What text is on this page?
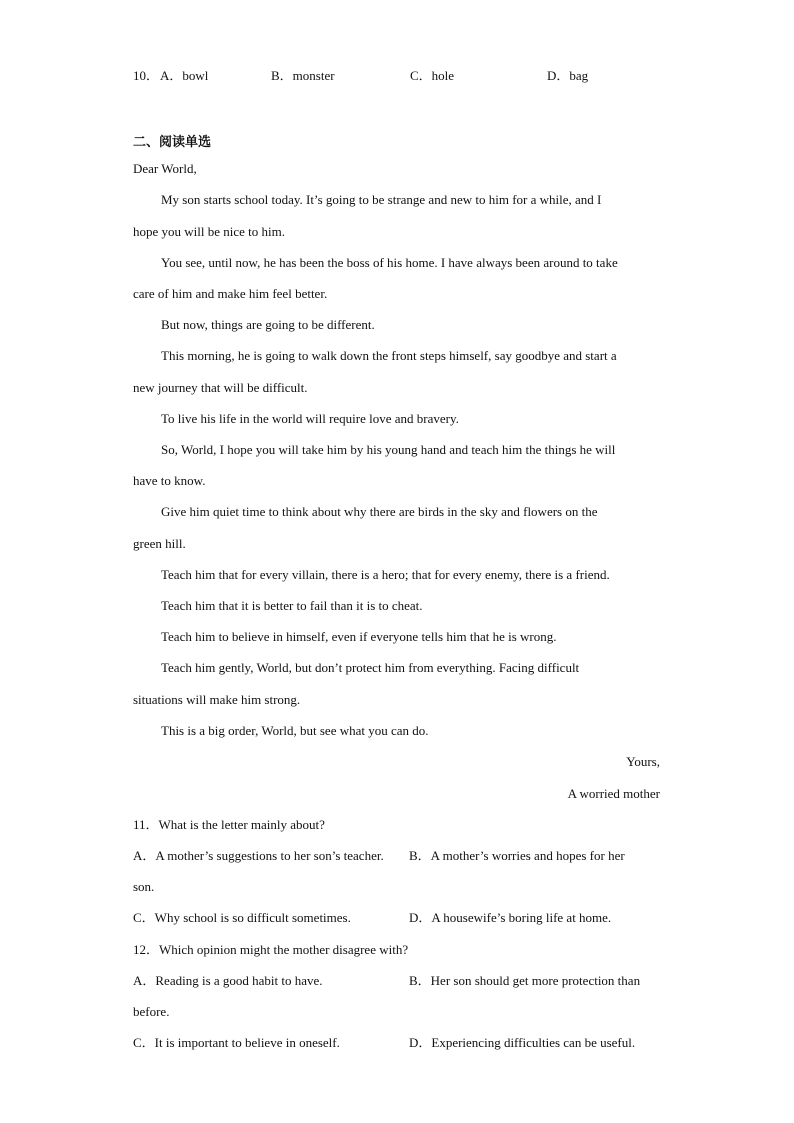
10． A．bowl	B．monster	C．hole	D．bag
二、阅读单选
Dear World,
My son starts school today. It’s going to be strange and new to him for a while, and I
hope you will be nice to him.
You see, until now, he has been the boss of his home. I have always been around to take
care of him and make him feel better.
But now, things are going to be different.
This morning, he is going to walk down the front steps himself, say goodbye and start a
new journey that will be difficult.
To live his life in the world will require love and bravery.
So, World, I hope you will take him by his young hand and teach him the things he will
have to know.
Give him quiet time to think about why there are birds in the sky and flowers on the
green hill.
Teach him that for every villain, there is a hero; that for every enemy, there is a friend.
Teach him that it is better to fail than it is to cheat.
Teach him to believe in himself, even if everyone tells him that he is wrong.
Teach him gently, World, but don’t protect him from everything. Facing difficult
situations will make him strong.
This is a big order, World, but see what you can do.
Yours,
A worried mother
11．What is the letter mainly about?
A．A mother’s suggestions to her son’s teacher. B．A mother’s worries and hopes for her
son.
C．Why school is so difficult sometimes.	D．A housewife’s boring life at home.
12．Which opinion might the mother disagree with?
A．Reading is a good habit to have.	B．Her son should get more protection than
before.
C．It is important to believe in oneself.	D．Experiencing difficulties can be useful.
